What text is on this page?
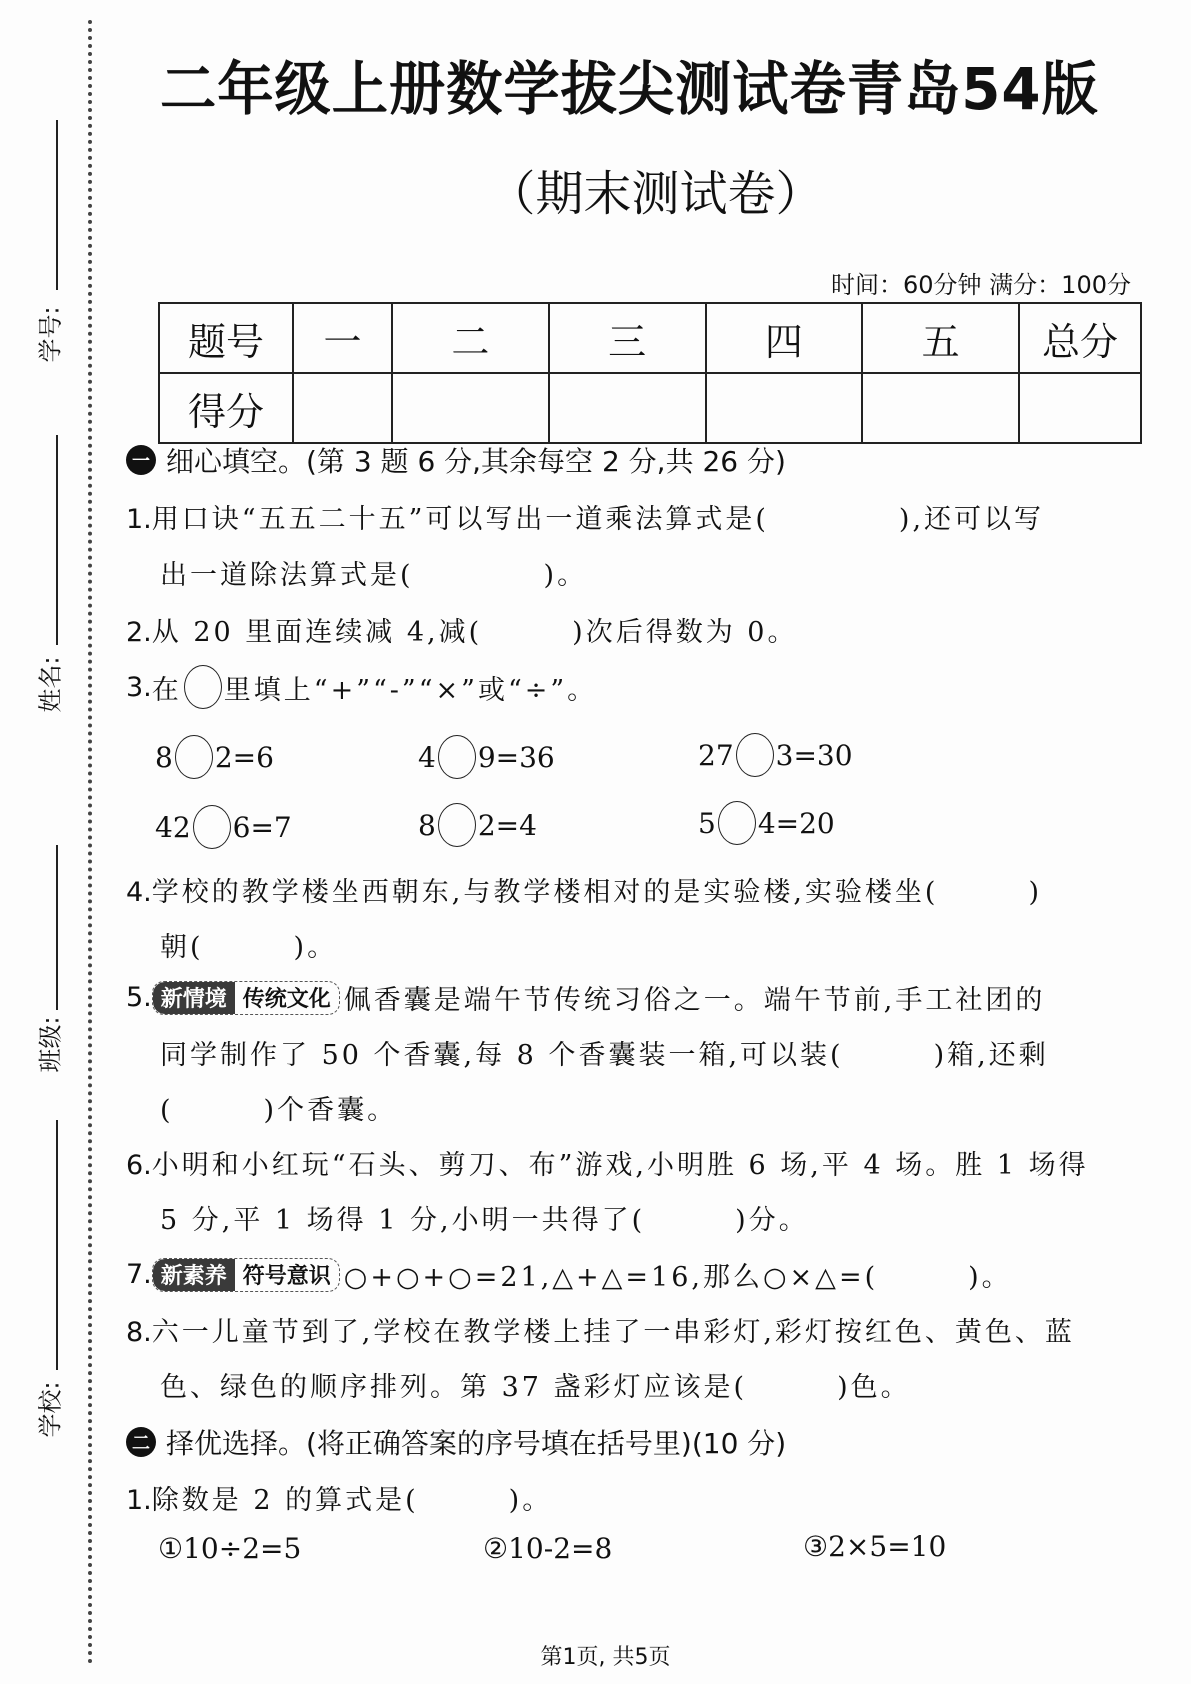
学号:
姓名:
班级:
学校:
二年级上册数学拔尖测试卷青岛54版
（期末测试卷）
时间：60分钟 满分：100分
题号	一	二	三	四	五	总分
得分						
一 细心填空。(第 3 题 6 分,其余每空 2 分,共 26 分)
1.用口诀“五五二十五”可以写出一道乘法算式是(	),还可以写
出一道除法算式是(	)。
2.从 20 里面连续减 4,减(	)次后得数为 0。
3. 在 里填上“+”“-”“×”或“÷”。
8 2=6	4 9=36	27 3=30
42 6=7	8 2=4	5 4=20
4.学校的教学楼坐西朝东,与教学楼相对的是实验楼,实验楼坐(	)
朝(	)。
5. 新情境 传统文化 佩香囊是端午节传统习俗之一。端午节前,手工社团的
同学制作了 50 个香囊,每 8 个香囊装一箱,可以装(	)箱,还剩
(	)个香囊。
6.小明和小红玩“石头、剪刀、布”游戏,小明胜 6 场,平 4 场。胜 1 场得
5 分,平 1 场得 1 分,小明一共得了(	)分。
7. 新素养 符号意识 ○+○+○=21,△+△=16,那么○×△=(	)。
8.六一儿童节到了,学校在教学楼上挂了一串彩灯,彩灯按红色、黄色、蓝
色、绿色的顺序排列。第 37 盏彩灯应该是(	)色。
二 择优选择。(将正确答案的序号填在括号里)(10 分)
1.除数是 2 的算式是(	)。
①10÷2=5	②10-2=8	③2×5=10
第1页, 共5页
